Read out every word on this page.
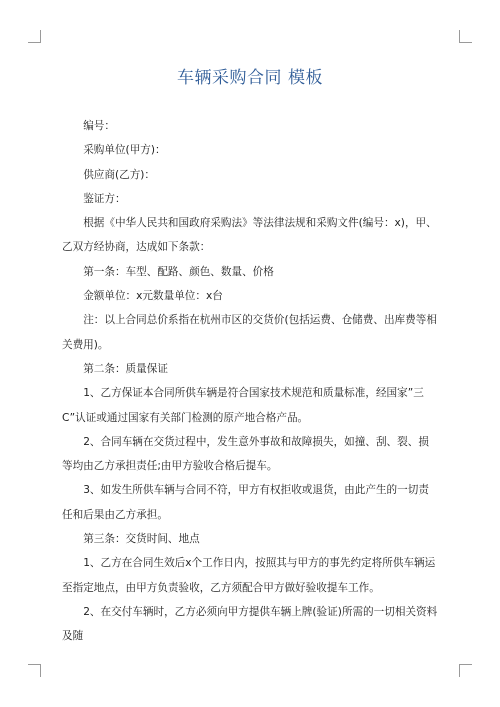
车辆采购合同 模板

编号：

采购单位(甲方)：

供应商(乙方)：

鉴证方：

根据《中华人民共和国政府采购法》等法律法规和采购文件(编号：x)，甲、乙双方经协商，达成如下条款：

第一条：车型、配路、颜色、数量、价格

金额单位：x元数量单位：x台

注：以上合同总价系指在杭州市区的交货价(包括运费、仓储费、出库费等相关费用)。

第二条：质量保证

1、乙方保证本合同所供车辆是符合国家技术规范和质量标准，经国家”三 C”认证或通过国家有关部门检测的原产地合格产品。

2、合同车辆在交货过程中，发生意外事故和故障损失，如撞、刮、裂、损等均由乙方承担责任;由甲方验收合格后提车。

3、如发生所供车辆与合同不符，甲方有权拒收或退货，由此产生的一切责任和后果由乙方承担。

第三条：交货时间、地点

1、乙方在合同生效后x个工作日内，按照其与甲方的事先约定将所供车辆运至指定地点，由甲方负责验收，乙方须配合甲方做好验收提车工作。

2、在交付车辆时，乙方必须向甲方提供车辆上牌(验证)所需的一切相关资料及随
